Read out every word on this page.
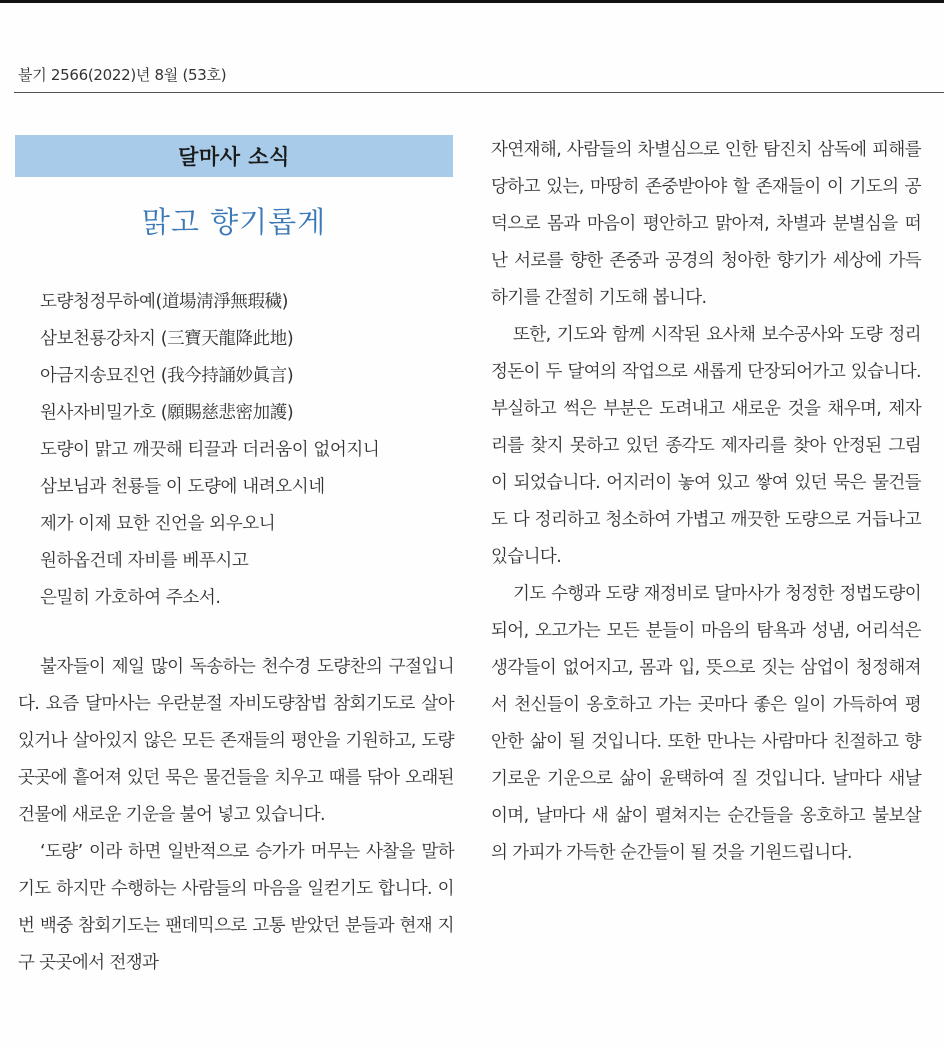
불기 2566(2022)년 8월 (53호)
달마사 소식
맑고 향기롭게
도량청정무하예(道場淸淨無瑕穢)
삼보천룡강차지 (三寶天龍降此地)
아금지송묘진언 (我今持誦妙眞言)
원사자비밀가호 (願賜慈悲密加護)
도량이 맑고 깨끗해 티끌과 더러움이 없어지니
삼보님과 천룡들 이 도량에 내려오시네
제가 이제 묘한 진언을 외우오니
원하옵건데 자비를 베푸시고
은밀히 가호하여 주소서.

불자들이 제일 많이 독송하는 천수경 도량찬의 구절입니다. 요즘 달마사는 우란분절 자비도량참법 참회기도로 살아있거나 살아있지 않은 모든 존재들의 평안을 기원하고, 도량 곳곳에 흩어져 있던 묵은 물건들을 치우고 때를 닦아 오래된 건물에 새로운 기운을 불어 넣고 있습니다.

‘도량’ 이라 하면 일반적으로 승가가 머무는 사찰을 말하기도 하지만 수행하는 사람들의 마음을 일컫기도 합니다. 이번 백중 참회기도는 팬데믹으로 고통 받았던 분들과 현재 지구 곳곳에서 전쟁과

자연재해, 사람들의 차별심으로 인한 탐진치 삼독에 피해를 당하고 있는, 마땅히 존중받아야 할 존재들이 이 기도의 공덕으로 몸과 마음이 평안하고 맑아져, 차별과 분별심을 떠난 서로를 향한 존중과 공경의 청아한 향기가 세상에 가득하기를 간절히 기도해 봅니다.

또한, 기도와 함께 시작된 요사채 보수공사와 도량 정리 정돈이 두 달여의 작업으로 새롭게 단장되어가고 있습니다. 부실하고 썩은 부분은 도려내고 새로운 것을 채우며, 제자리를 찾지 못하고 있던 종각도 제자리를 찾아 안정된 그림이 되었습니다. 어지러이 놓여 있고 쌓여 있던 묵은 물건들도 다 정리하고 청소하여 가볍고 깨끗한 도량으로 거듭나고 있습니다.

기도 수행과 도량 재정비로 달마사가 청정한 정법도량이 되어, 오고가는 모든 분들이 마음의 탐욕과 성냄, 어리석은 생각들이 없어지고, 몸과 입, 뜻으로 짓는 삼업이 청정해져서 천신들이 옹호하고 가는 곳마다 좋은 일이 가득하여 평안한 삶이 될 것입니다. 또한 만나는 사람마다 친절하고 향기로운 기운으로 삶이 윤택하여 질 것입니다. 날마다 새날이며, 날마다 새 삶이 펼쳐지는 순간들을 옹호하고 불보살의 가피가 가득한 순간들이 될 것을 기원드립니다.
